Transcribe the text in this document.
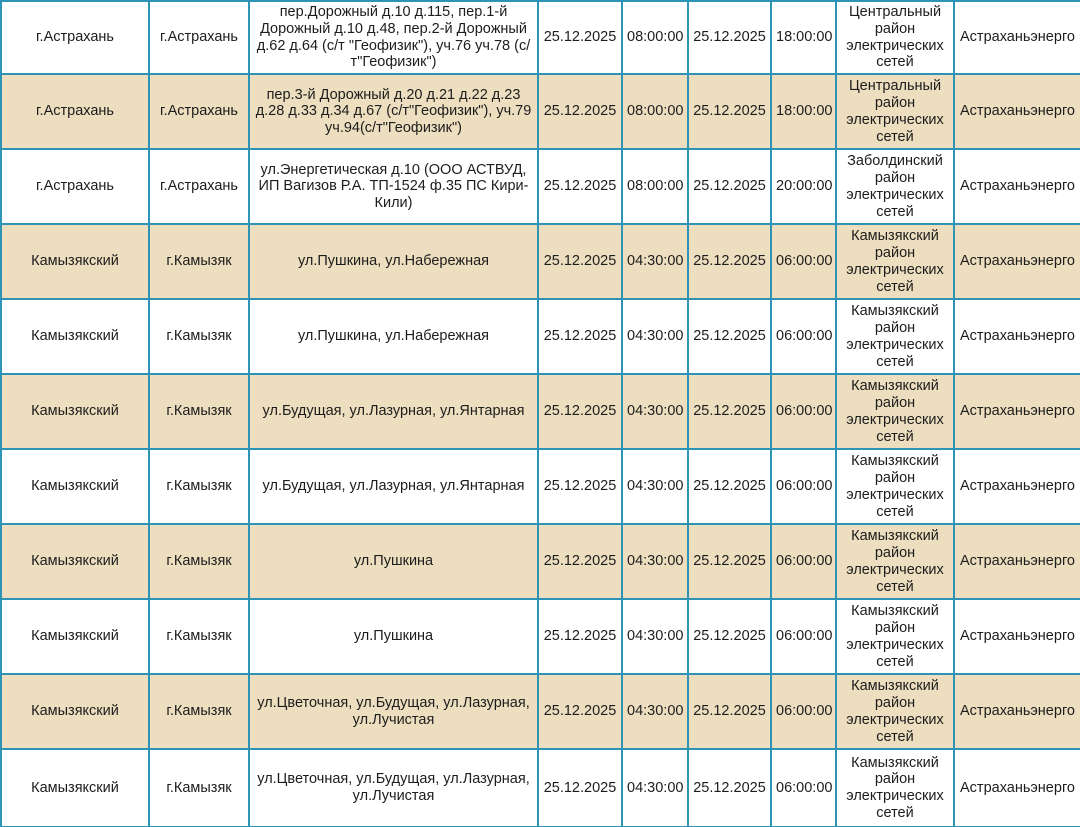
г.Астрахань	г.Астрахань	пер.Дорожный д.10 д.115, пер.1-й Дорожный д.10 д.48, пер.2-й Дорожный д.62 д.64 (с/т "Геофизик"), уч.76 уч.78 (с/т"Геофизик")	25.12.2025	08:00:00	25.12.2025	18:00:00	Центральный район электрических сетей	Астраханьэнерго
г.Астрахань	г.Астрахань	пер.3-й Дорожный д.20 д.21 д.22 д.23 д.28 д.33 д.34 д.67 (с/т"Геофизик"), уч.79 уч.94(с/т"Геофизик")	25.12.2025	08:00:00	25.12.2025	18:00:00	Центральный район электрических сетей	Астраханьэнерго
г.Астрахань	г.Астрахань	ул.Энергетическая д.10 (ООО АСТВУД, ИП Вагизов Р.А. ТП-1524 ф.35 ПС Кири-Кили)	25.12.2025	08:00:00	25.12.2025	20:00:00	Заболдинский район электрических сетей	Астраханьэнерго
Камызякский	г.Камызяк	ул.Пушкина, ул.Набережная	25.12.2025	04:30:00	25.12.2025	06:00:00	Камызякский район электрических сетей	Астраханьэнерго
Камызякский	г.Камызяк	ул.Пушкина, ул.Набережная	25.12.2025	04:30:00	25.12.2025	06:00:00	Камызякский район электрических сетей	Астраханьэнерго
Камызякский	г.Камызяк	ул.Будущая, ул.Лазурная, ул.Янтарная	25.12.2025	04:30:00	25.12.2025	06:00:00	Камызякский район электрических сетей	Астраханьэнерго
Камызякский	г.Камызяк	ул.Будущая, ул.Лазурная, ул.Янтарная	25.12.2025	04:30:00	25.12.2025	06:00:00	Камызякский район электрических сетей	Астраханьэнерго
Камызякский	г.Камызяк	ул.Пушкина	25.12.2025	04:30:00	25.12.2025	06:00:00	Камызякский район электрических сетей	Астраханьэнерго
Камызякский	г.Камызяк	ул.Пушкина	25.12.2025	04:30:00	25.12.2025	06:00:00	Камызякский район электрических сетей	Астраханьэнерго
Камызякский	г.Камызяк	ул.Цветочная, ул.Будущая, ул.Лазурная, ул.Лучистая	25.12.2025	04:30:00	25.12.2025	06:00:00	Камызякский район электрических сетей	Астраханьэнерго
Камызякский	г.Камызяк	ул.Цветочная, ул.Будущая, ул.Лазурная, ул.Лучистая	25.12.2025	04:30:00	25.12.2025	06:00:00	Камызякский район электрических сетей	Астраханьэнерго
